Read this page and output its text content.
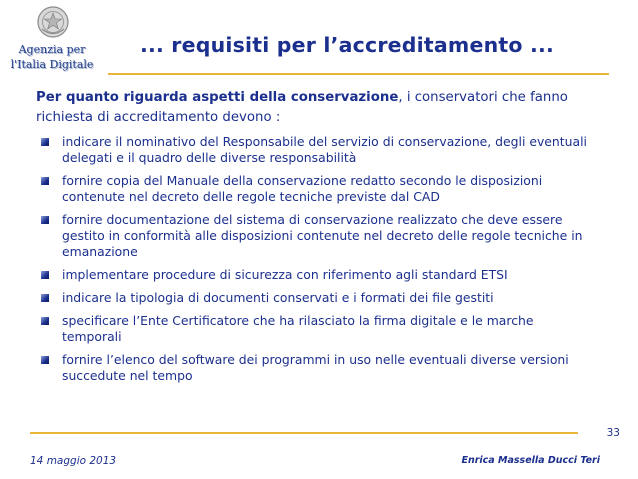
Agenzia per
l'Italia Digitale
... requisiti per l’accreditamento ...

Per quanto riguarda aspetti della conservazione, i conservatori che fanno richiesta di accreditamento devono :

indicare il nominativo del Responsabile del servizio di conservazione, degli eventuali delegati e il quadro delle diverse responsabilità
fornire copia del Manuale della conservazione redatto secondo le disposizioni contenute nel decreto delle regole tecniche previste dal CAD
fornire documentazione del sistema di conservazione realizzato che deve essere gestito in conformità alle disposizioni contenute nel decreto delle regole tecniche in emanazione
implementare procedure di sicurezza con riferimento agli standard ETSI
indicare la tipologia di documenti conservati e i formati dei file gestiti
specificare l’Ente Certificatore che ha rilasciato la firma digitale e le marche temporali
fornire l’elenco del software dei programmi in uso nelle eventuali diverse versioni succedute nel tempo
33
14 maggio 2013	Enrica Massella Ducci Teri
